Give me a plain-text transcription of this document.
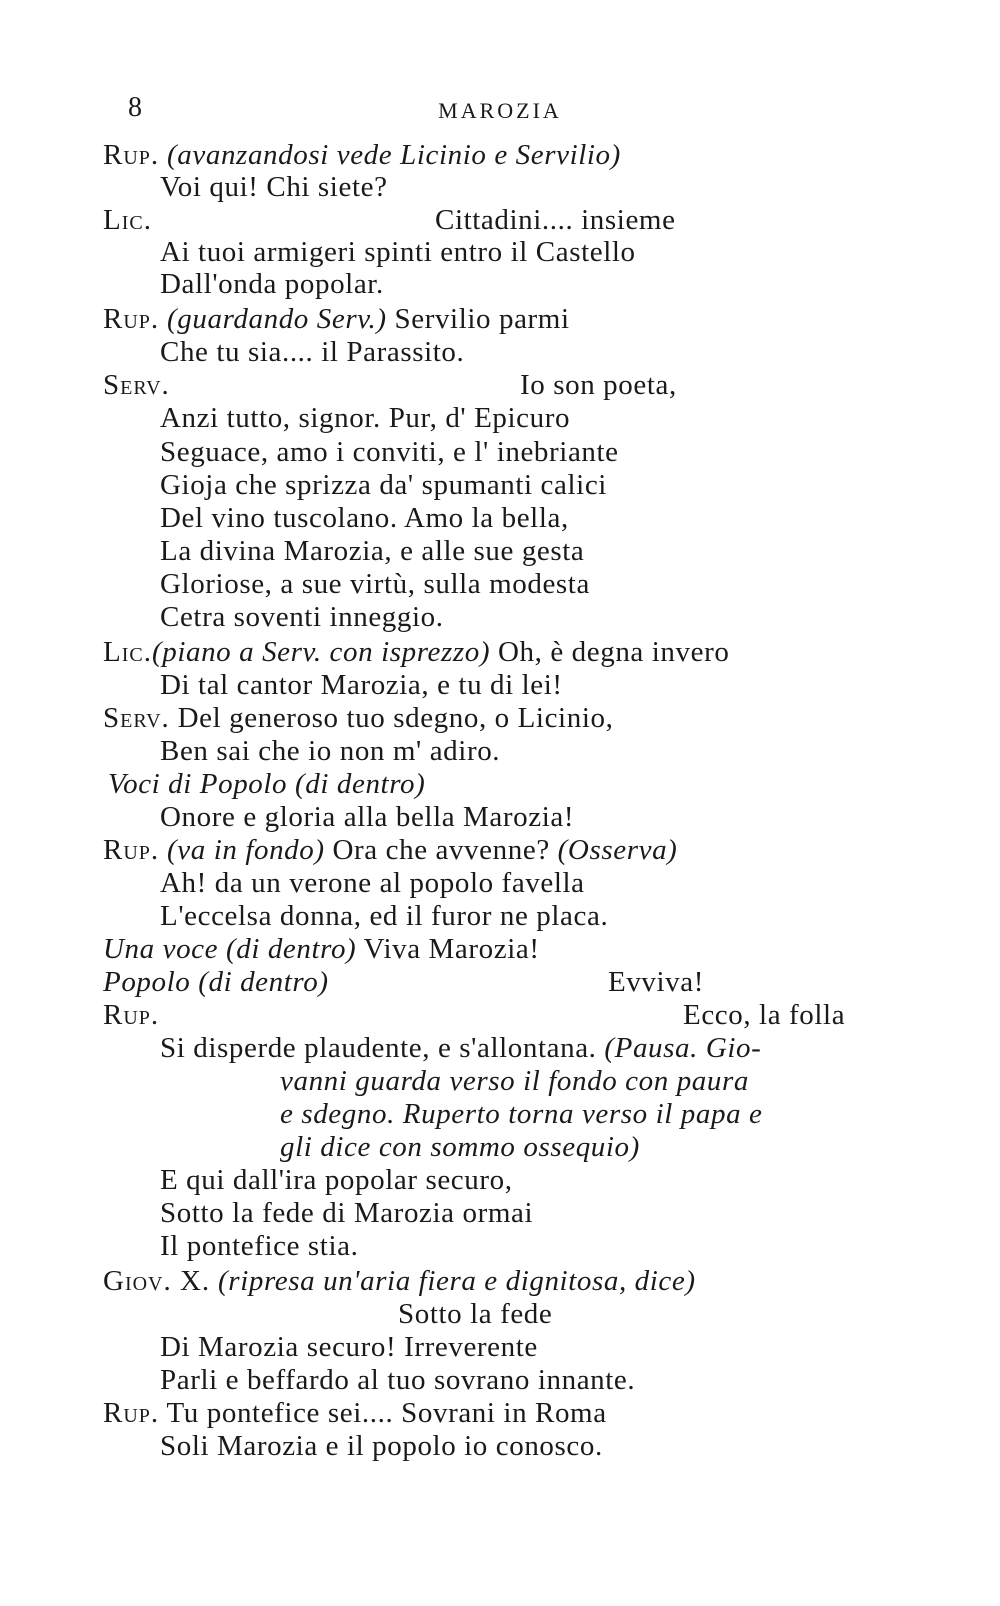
8	MAROZIA
Rup. (avanzandosi vede Licinio e Servilio)
Voi qui! Chi siete?
Lic.	Cittadini.... insieme
Ai tuoi armigeri spinti entro il Castello
Dall'onda popolar.
Rup. (guardando Serv.) Servilio parmi
Che tu sia.... il Parassito.
Serv.	Io son poeta,
Anzi tutto, signor. Pur, d' Epicuro
Seguace, amo i conviti, e l' inebriante
Gioja che sprizza da' spumanti calici
Del vino tuscolano. Amo la bella,
La divina Marozia, e alle sue gesta
Gloriose, a sue virtù, sulla modesta
Cetra soventi inneggio.
Lic.(piano a Serv. con isprezzo) Oh, è degna invero
Di tal cantor Marozia, e tu di lei!
Serv. Del generoso tuo sdegno, o Licinio,
Ben sai che io non m' adiro.
Voci di Popolo (di dentro)
Onore e gloria alla bella Marozia!
Rup. (va in fondo) Ora che avvenne? (Osserva)
Ah! da un verone al popolo favella
L'eccelsa donna, ed il furor ne placa.
Una voce (di dentro) Viva Marozia!
Popolo (di dentro)	Evviva!
Rup.	Ecco, la folla
Si disperde plaudente, e s'allontana. (Pausa. Gio-
vanni guarda verso il fondo con paura
e sdegno. Ruperto torna verso il papa e
gli dice con sommo ossequio)
E qui dall'ira popolar securo,
Sotto la fede di Marozia ormai
Il pontefice stia.
Giov. X. (ripresa un'aria fiera e dignitosa, dice)
Sotto la fede
Di Marozia securo! Irreverente
Parli e beffardo al tuo sovrano innante.
Rup. Tu pontefice sei.... Sovrani in Roma
Soli Marozia e il popolo io conosco.
